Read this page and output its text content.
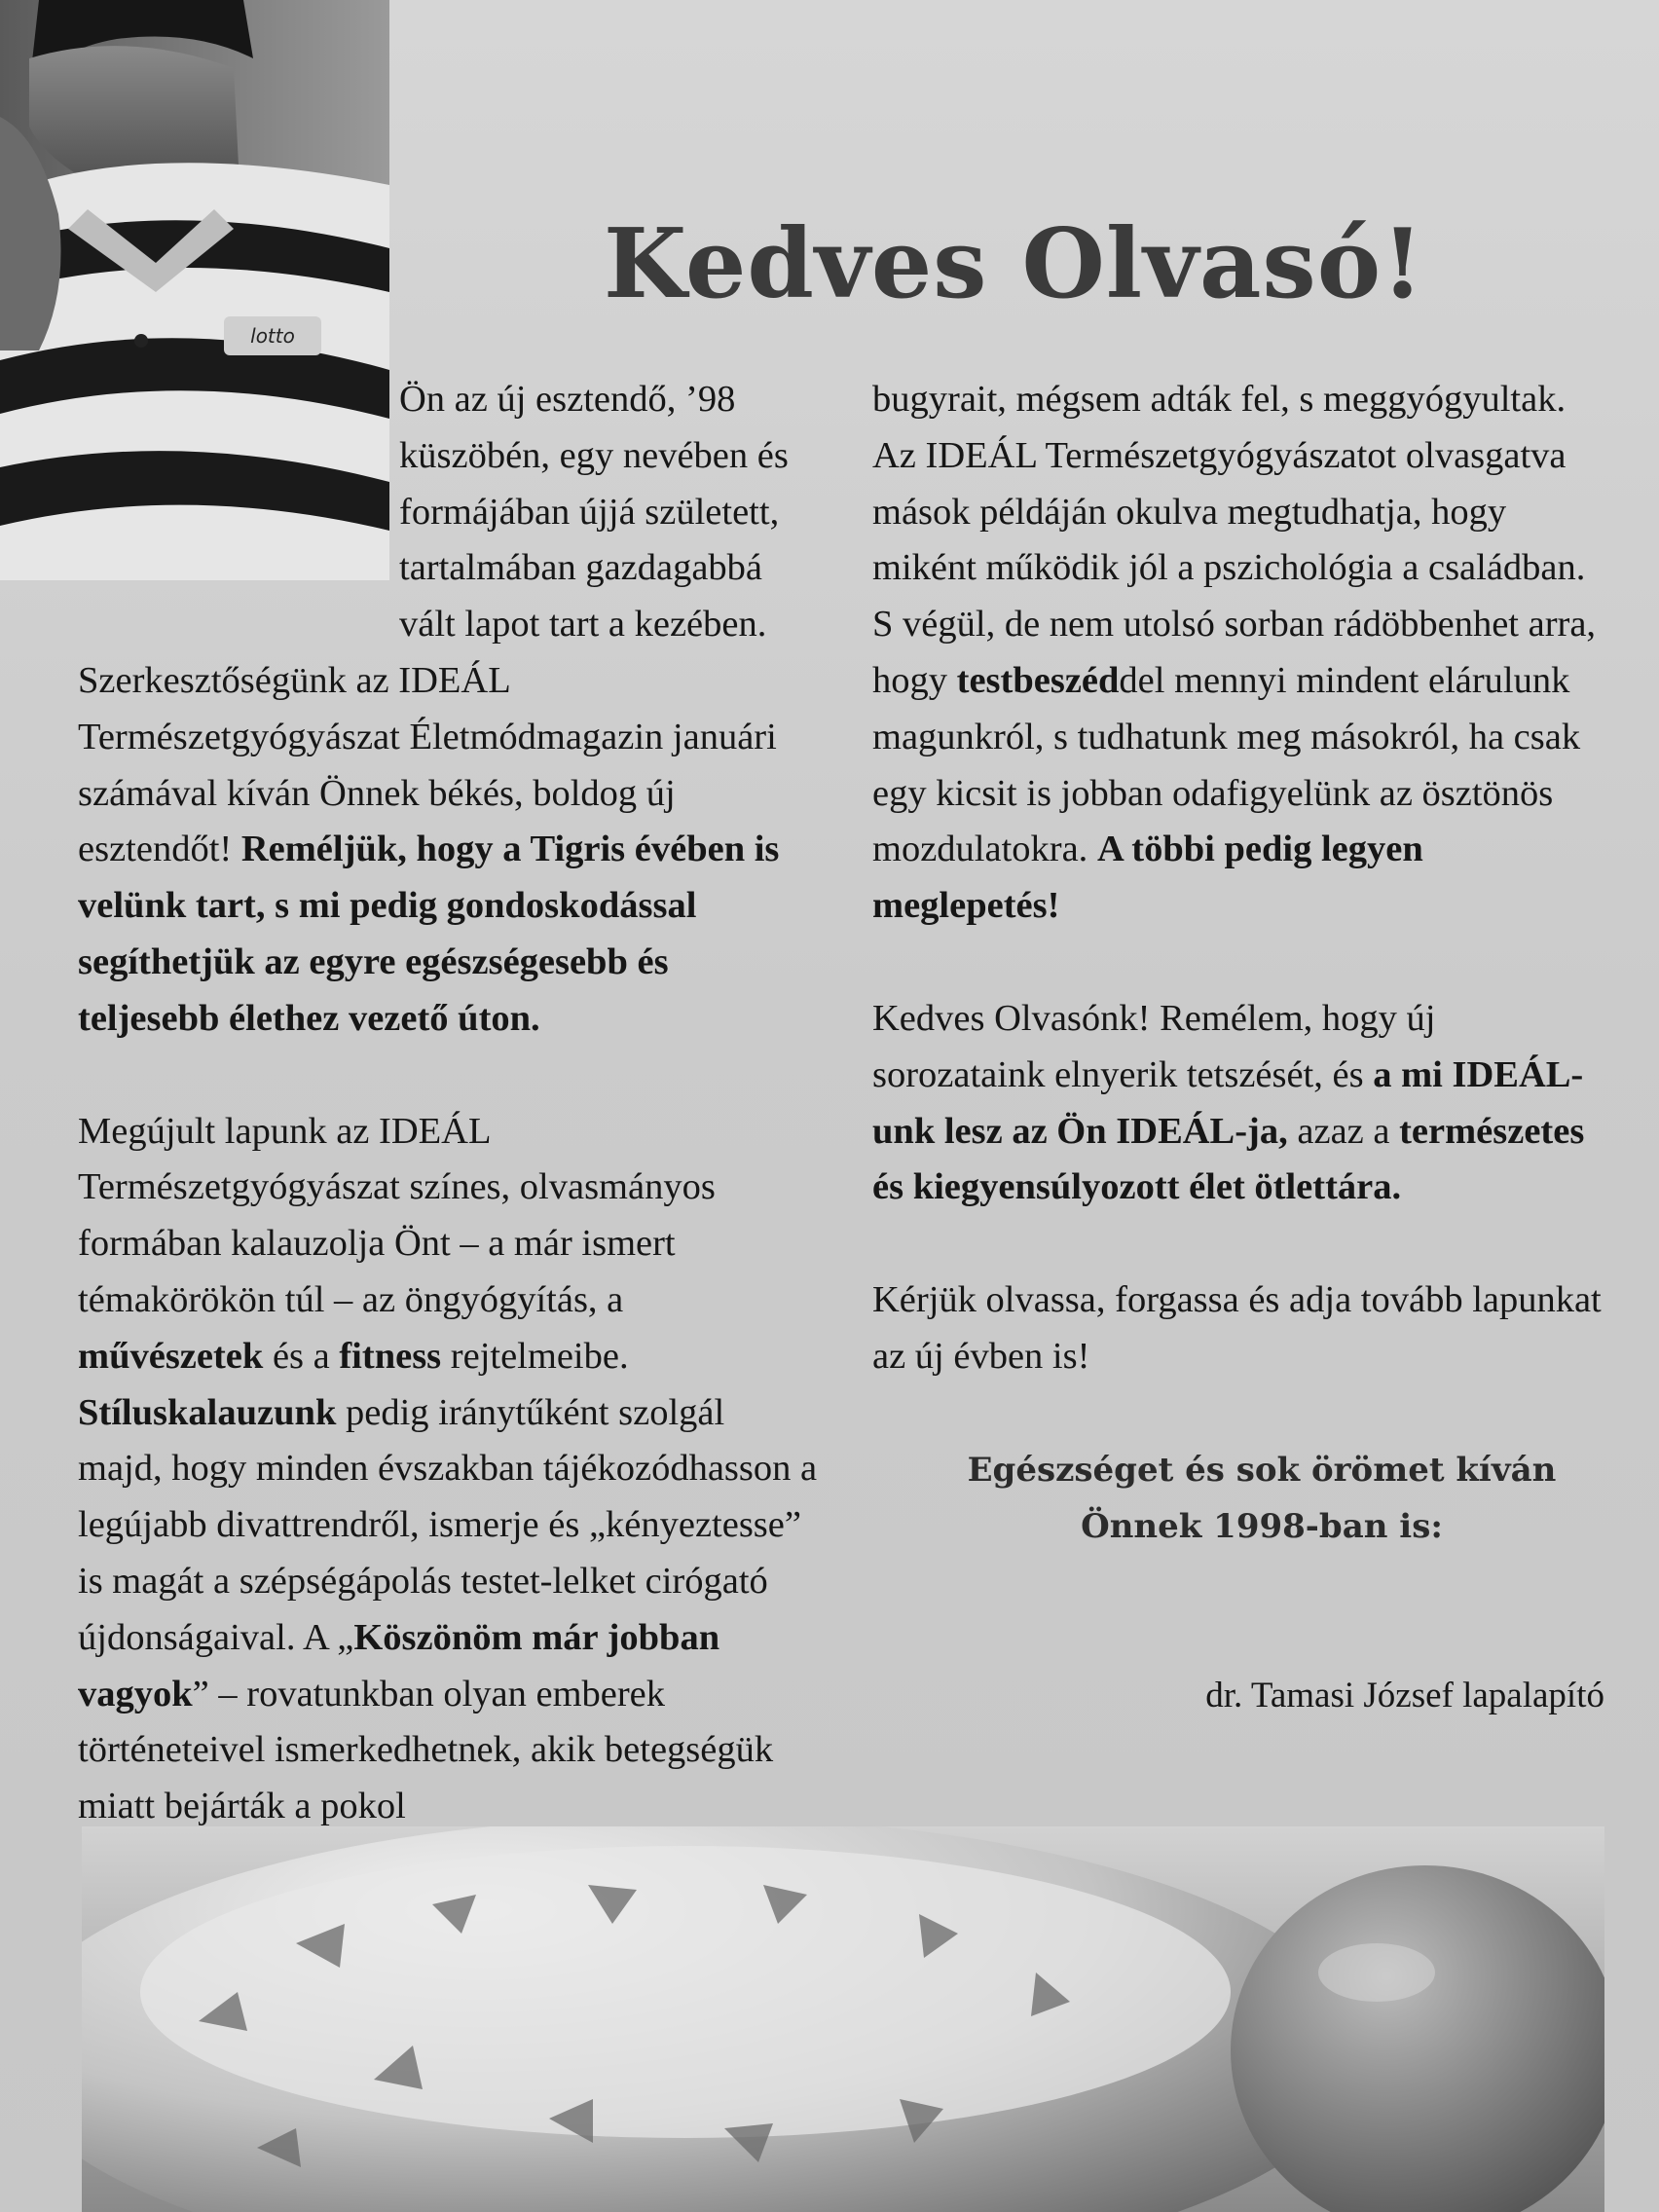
lotto
Kedves Olvasó!

Ön az új esztendő, ’98 küszöbén, egy nevében és formájában újjá született, tartalmában gazdagabbá vált lapot tart a kezében. Szerkesztőségünk az IDEÁL Természetgyógyászat Életmódmagazin januári számával kíván Önnek békés, boldog új esztendőt! Reméljük, hogy a Tigris évében is velünk tart, s mi pedig gondoskodással segíthetjük az egyre egészségesebb és teljesebb élethez vezető úton.

Megújult lapunk az IDEÁL Természetgyógyászat színes, olvasmányos formában kalauzolja Önt – a már ismert témakörökön túl – az öngyógyítás, a művészetek és a fitness rejtelmeibe. Stíluskalauzunk pedig iránytűként szolgál majd, hogy minden évszakban tájékozódhasson a legújabb divattrendről, ismerje és „kényeztesse” is magát a szépségápolás testet-lelket cirógató újdonságaival. A „Köszönöm már jobban vagyok” – rovatunkban olyan emberek történeteivel ismerkedhetnek, akik betegségük miatt bejárták a pokol

bugyrait, mégsem adták fel, s meggyógyultak. Az IDEÁL Természetgyógyászatot olvasgatva mások példáján okulva megtudhatja, hogy miként működik jól a pszichológia a családban. S végül, de nem utolsó sorban rádöbbenhet arra, hogy testbeszéddel mennyi mindent elárulunk magunkról, s tudhatunk meg másokról, ha csak egy kicsit is jobban odafigyelünk az ösztönös mozdulatokra. A többi pedig legyen meglepetés!

Kedves Olvasónk! Remélem, hogy új sorozataink elnyerik tetszését, és a mi IDEÁL-unk lesz az Ön IDEÁL-ja, azaz a természetes és kiegyensúlyozott élet ötlettára.

Kérjük olvassa, forgassa és adja tovább lapunkat az új évben is!

Egészséget és sok örömet kíván
Önnek 1998-ban is:

dr. Tamasi József lapalapító
